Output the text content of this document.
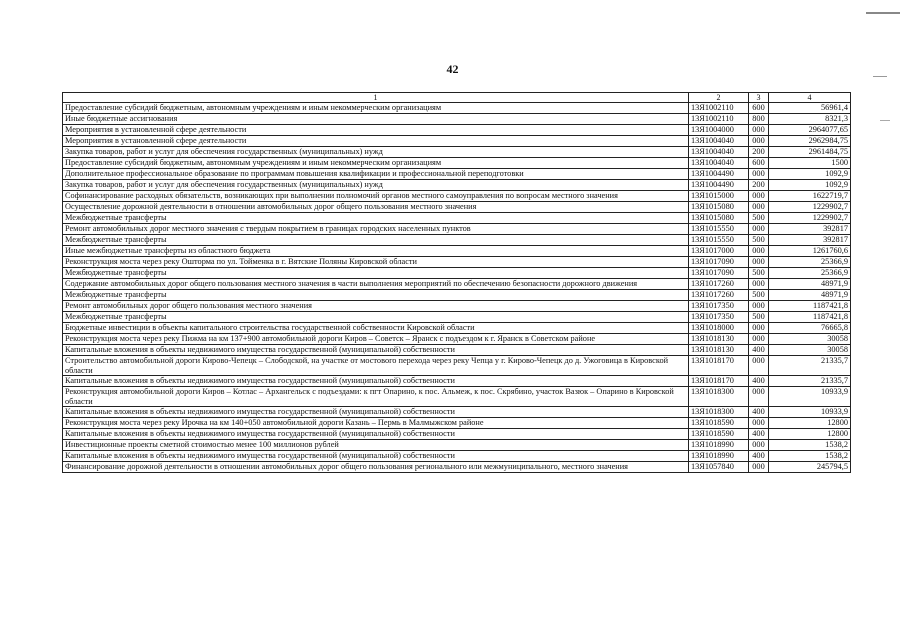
42
1	2	3	4
Предоставление субсидий бюджетным, автономным учреждениям и иным некоммерческим организациям	13Я1002110	600	56961,4
Иные бюджетные ассигнования	13Я1002110	800	8321,3
Мероприятия в установленной сфере деятельности	13Я1004000	000	2964077,65
Мероприятия в установленной сфере деятельности	13Я1004040	000	2962984,75
Закупка товаров, работ и услуг для обеспечения государственных (муниципальных) нужд	13Я1004040	200	2961484,75
Предоставление субсидий бюджетным, автономным учреждениям и иным некоммерческим организациям	13Я1004040	600	1500
Дополнительное профессиональное образование по программам повышения квалификации и профессиональной переподготовки	13Я1004490	000	1092,9
Закупка товаров, работ и услуг для обеспечения государственных (муниципальных) нужд	13Я1004490	200	1092,9
Софинансирование расходных обязательств, возникающих при выполнении полномочий органов местного самоуправления по вопросам местного значения	13Я1015000	000	1622719,7
Осуществление дорожной деятельности в отношении автомобильных дорог общего пользования местного значения	13Я1015080	000	1229902,7
Межбюджетные трансферты	13Я1015080	500	1229902,7
Ремонт автомобильных дорог местного значения с твердым покрытием в границах городских населенных пунктов	13Я1015550	000	392817
Межбюджетные трансферты	13Я1015550	500	392817
Иные межбюджетные трансферты из областного бюджета	13Я1017000	000	1261760,6
Реконструкция моста через реку Ошторма по ул. Тойменка в г. Вятские Поляны Кировской области	13Я1017090	000	25366,9
Межбюджетные трансферты	13Я1017090	500	25366,9
Содержание автомобильных дорог общего пользования местного значения в части выполнения мероприятий по обеспечению безопасности дорожного движения	13Я1017260	000	48971,9
Межбюджетные трансферты	13Я1017260	500	48971,9
Ремонт автомобильных дорог общего пользования местного значения	13Я1017350	000	1187421,8
Межбюджетные трансферты	13Я1017350	500	1187421,8
Бюджетные инвестиции в объекты капитального строительства государственной собственности Кировской области	13Я1018000	000	76665,8
Реконструкция моста через реку Пижма на км 137+900 автомобильной дороги Киров – Советск – Яранск с подъездом к г. Яранск в Советском районе	13Я1018130	000	30058
Капитальные вложения в объекты недвижимого имущества государственной (муниципальной) собственности	13Я1018130	400	30058
Строительство автомобильной дороги Кирово-Чепецк – Слободской, на участке от мостового перехода через реку Чепца у г. Кирово-Чепецк до д. Ужоговица в Кировской области	13Я1018170	000	21335,7
Капитальные вложения в объекты недвижимого имущества государственной (муниципальной) собственности	13Я1018170	400	21335,7
Реконструкция автомобильной дороги Киров – Котлас – Архангельск с подъездами: к пгт Опарино, к пос. Альмеж, к пос. Скрябино, участок Вазюк – Опарино в Кировской области	13Я1018300	000	10933,9
Капитальные вложения в объекты недвижимого имущества государственной (муниципальной) собственности	13Я1018300	400	10933,9
Реконструкция моста через реку Ирочка на км 140+050 автомобильной дороги Казань – Пермь в Малмыжском районе	13Я1018590	000	12800
Капитальные вложения в объекты недвижимого имущества государственной (муниципальной) собственности	13Я1018590	400	12800
Инвестиционные проекты сметной стоимостью менее 100 миллионов рублей	13Я1018990	000	1538,2
Капитальные вложения в объекты недвижимого имущества государственной (муниципальной) собственности	13Я1018990	400	1538,2
Финансирование дорожной деятельности в отношении автомобильных дорог общего пользования регионального или межмуниципального, местного значения	13Я1057840	000	245794,5
